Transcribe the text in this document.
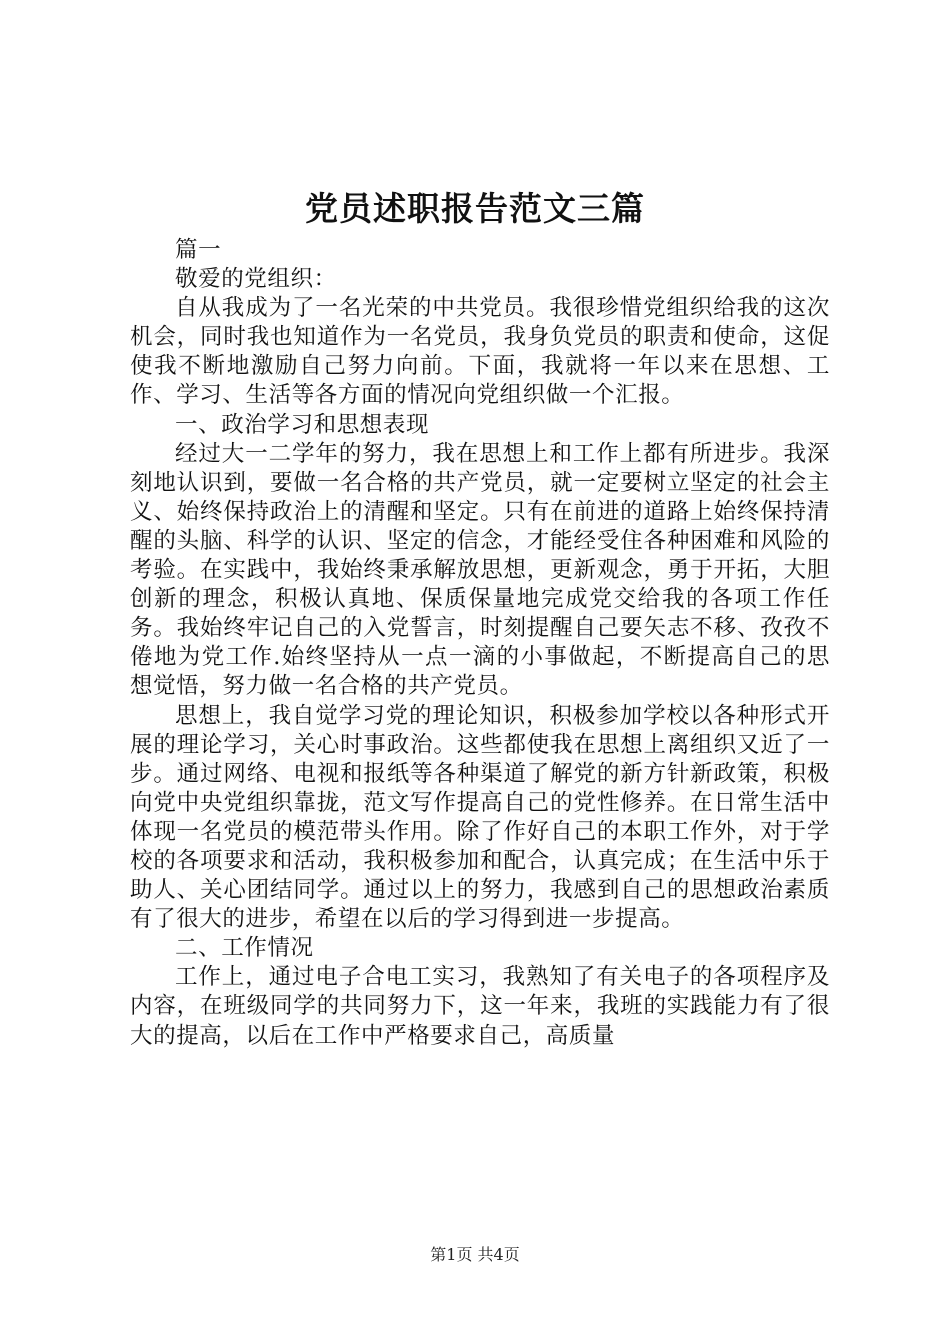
党员述职报告范文三篇

篇一

敬爱的党组织：

自从我成为了一名光荣的中共党员。我很珍惜党组织给我的这次机会，同时我也知道作为一名党员，我身负党员的职责和使命，这促使我不断地激励自己努力向前。下面，我就将一年以来在思想、工作、学习、生活等各方面的情况向党组织做一个汇报。

一、政治学习和思想表现

经过大一二学年的努力，我在思想上和工作上都有所进步。我深刻地认识到，要做一名合格的共产党员，就一定要树立坚定的社会主义、始终保持政治上的清醒和坚定。只有在前进的道路上始终保持清醒的头脑、科学的认识、坚定的信念，才能经受住各种困难和风险的考验。在实践中，我始终秉承解放思想，更新观念，勇于开拓，大胆创新的理念，积极认真地、保质保量地完成党交给我的各项工作任务。我始终牢记自己的入党誓言，时刻提醒自己要矢志不移、孜孜不倦地为党工作.始终坚持从一点一滴的小事做起，不断提高自己的思想觉悟，努力做一名合格的共产党员。

思想上，我自觉学习党的理论知识，积极参加学校以各种形式开展的理论学习，关心时事政治。这些都使我在思想上离组织又近了一步。通过网络、电视和报纸等各种渠道了解党的新方针新政策，积极向党中央党组织靠拢，范文写作提高自己的党性修养。在日常生活中体现一名党员的模范带头作用。除了作好自己的本职工作外，对于学校的各项要求和活动，我积极参加和配合，认真完成；在生活中乐于助人、关心团结同学。通过以上的努力，我感到自己的思想政治素质有了很大的进步，希望在以后的学习得到进一步提高。

二、工作情况

工作上，通过电子合电工实习，我熟知了有关电子的各项程序及内容，在班级同学的共同努力下，这一年来，我班的实践能力有了很大的提高，以后在工作中严格要求自己，高质量

第1页 共4页
